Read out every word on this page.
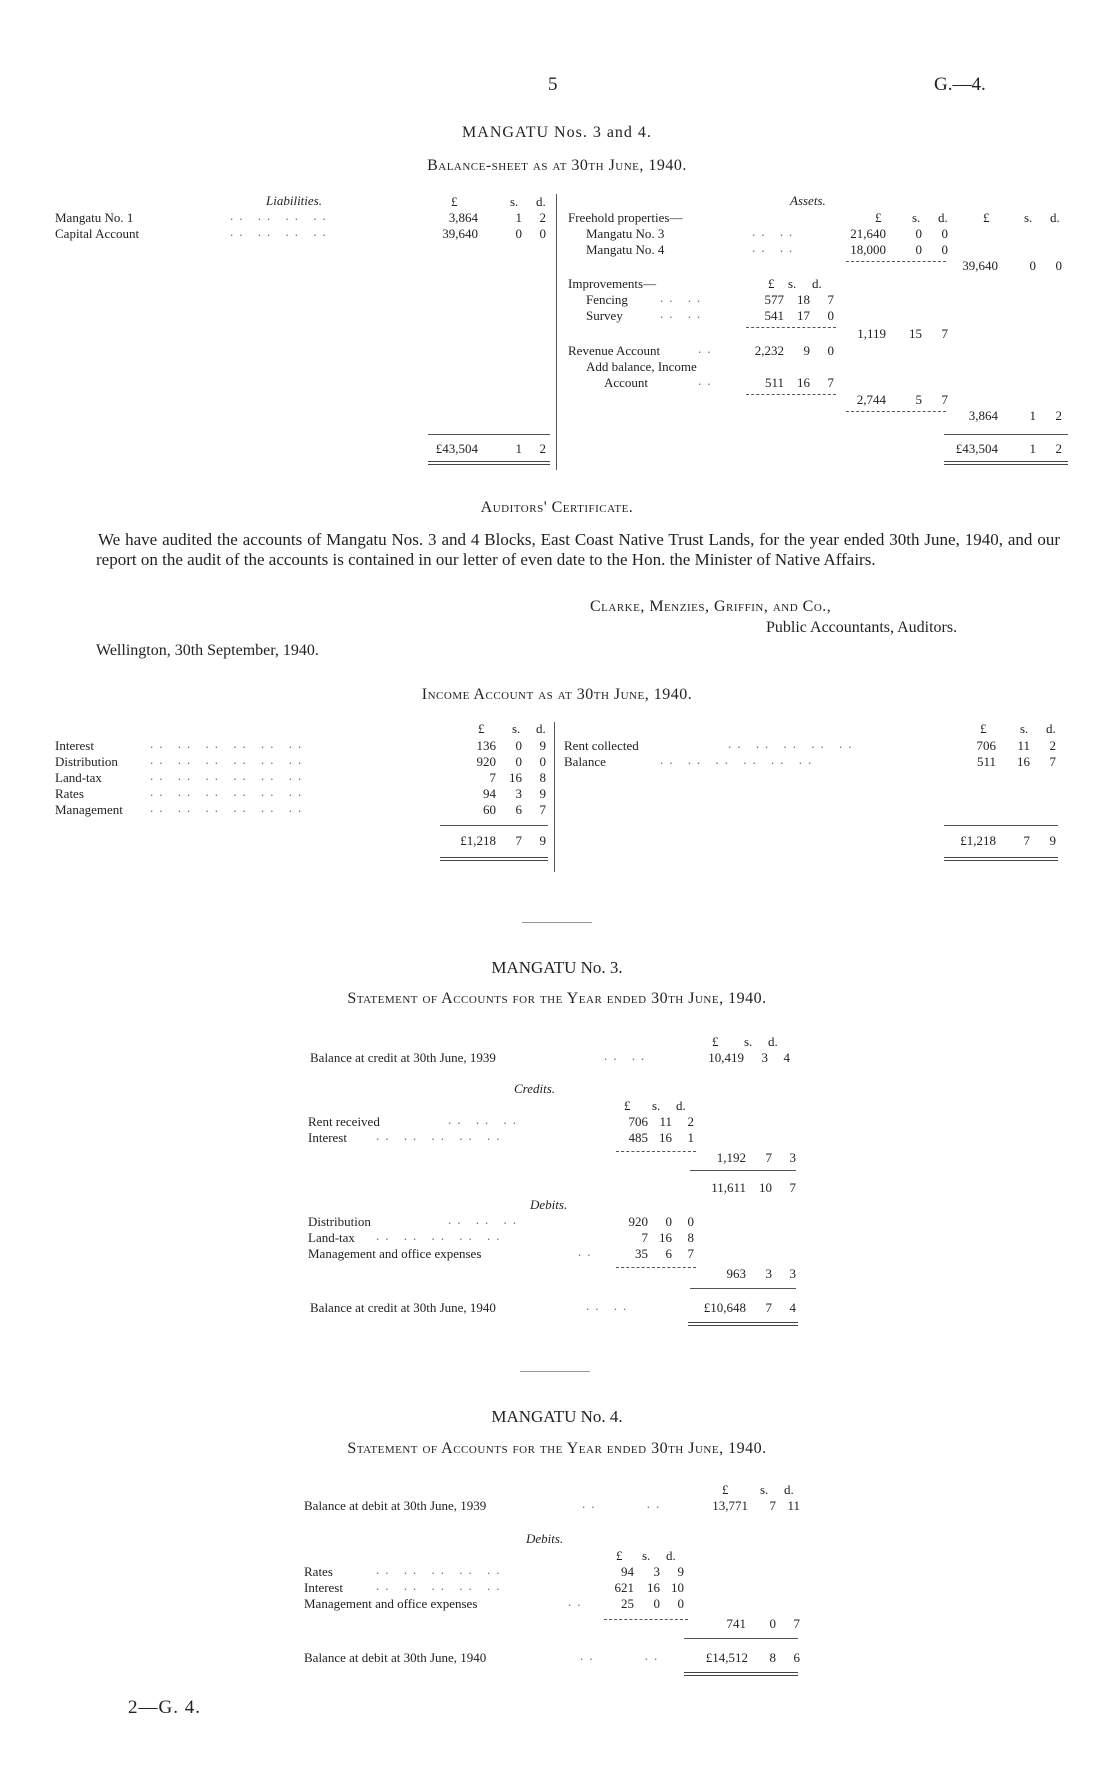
5	G.—4.
MANGATU Nos. 3 and 4.
Balance-sheet as at 30th June, 1940.
Liabilities.	Assets.
£	s. d.
Mangatu No. 1	.. .. .. ..	3,864	1	2
Capital Account	.. .. .. ..	39,640	0	0
£43,504	1	2
£ s. d.	£	s. d.
Freehold properties—
Mangatu No. 3	.. ..	21,640	0	0
Mangatu No. 4	.. ..	18,000	0	0
39,640	0	0
Improvements—	£ s. d.
Fencing .. ..	577	18	7
Survey	.. ..	541	17	0
1,119	15	7
Revenue Account	..	2,232	9	0
Add balance, Income
Account	..	511	16	7
2,744	5	7
3,864	1	2
£43,504	1	2
Auditors' Certificate.
We have audited the accounts of Mangatu Nos. 3 and 4 Blocks, East Coast Native Trust Lands, for the year ended 30th June, 1940, and our report on the audit of the accounts is contained in our letter of even date to the Hon. the Minister of Native Affairs.
Clarke, Menzies, Griffin, and Co.,
Public Accountants, Auditors.
Wellington, 30th September, 1940.
Income Account as at 30th June, 1940.
£ s. d.	£	s. d.
Interest	.. .. .. .. .. ..	136	0	9
Distribution .. .. .. .. .. ..	920	0	0
Land-tax	.. .. .. .. .. ..	7	16	8
Rates	.. .. .. .. .. ..	94	3	9
Management .. .. .. .. .. ..	60	6	7
£1,218	7	9
Rent collected	.. .. .. .. ..	706	11	2
Balance	.. .. .. .. .. ..	511	16	7
£1,218	7	9
MANGATU No. 3.
Statement of Accounts for the Year ended 30th June, 1940.
£ s. d.
Balance at credit at 30th June, 1939	.. ..	10,419	3	4
Credits.
£ s. d.
Rent received	.. .. ..	706 11	2
Interest .. .. .. .. ..	485 16	1
1,192	7	3
11,611	10	7
Debits.
Distribution	.. .. ..	920	0	0
Land-tax .. .. .. .. ..	7 16	8
Management and office expenses	..	35	6	7
963	3	3
Balance at credit at 30th June, 1940	.. ..	£10,648	7	4
MANGATU No. 4.
Statement of Accounts for the Year ended 30th June, 1940.
£ s. d.
Balance at debit at 30th June, 1939	..     ..	13,771	7 11
Debits.
£ s. d.
Rates	.. .. .. .. ..	94	3	9
Interest	.. .. .. .. ..	621	16 10
Management and office expenses	..	25	0	0
741	0	7
Balance at debit at 30th June, 1940	..     ..	£14,512	8	6
2—G. 4.
